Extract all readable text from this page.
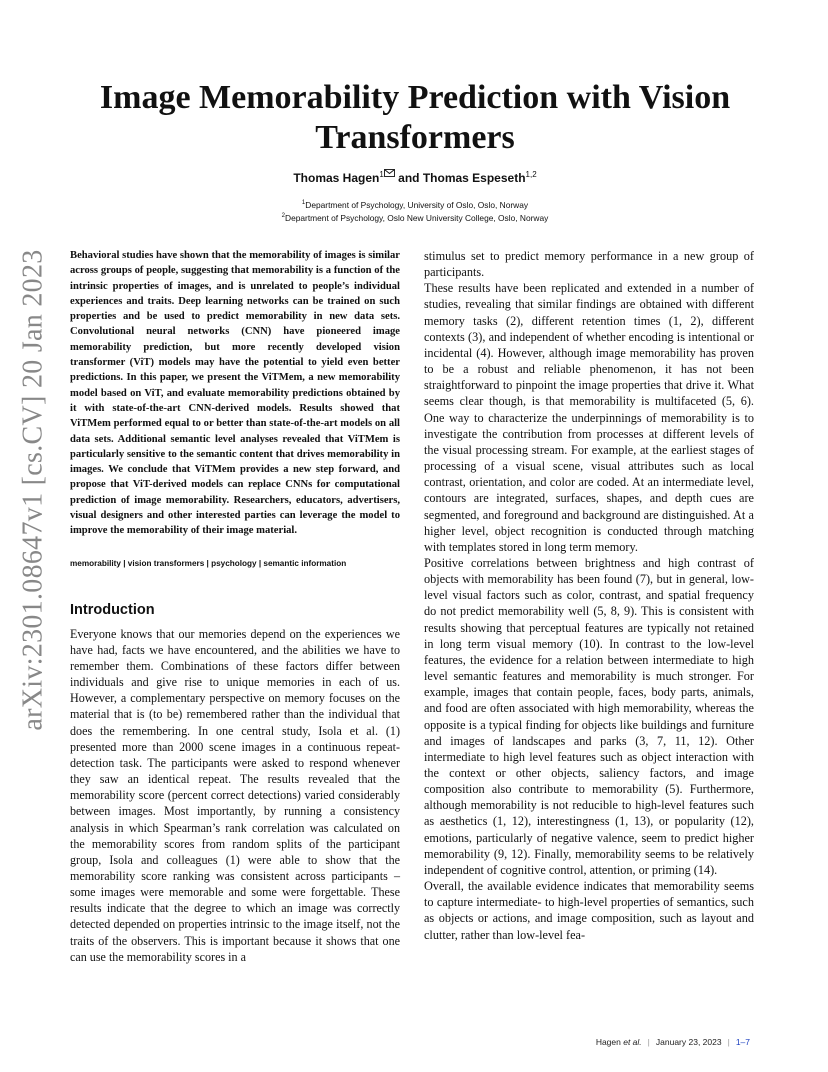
arXiv:2301.08647v1 [cs.CV] 20 Jan 2023
Image Memorability Prediction with Vision Transformers
Thomas Hagen$^1$ and Thomas Espeseth$^{1,2}$
$^1$Department of Psychology, University of Oslo, Oslo, Norway
$^2$Department of Psychology, Oslo New University College, Oslo, Norway

Behavioral studies have shown that the memorability of images is similar across groups of people, suggesting that memorability is a function of the intrinsic properties of images, and is unrelated to people’s individual experiences and traits. Deep learning networks can be trained on such properties and be used to predict memorability in new data sets. Convolutional neural networks (CNN) have pioneered image memorability prediction, but more recently developed vision transformer (ViT) models may have the potential to yield even better predictions. In this paper, we present the ViTMem, a new memorability model based on ViT, and evaluate memorability predictions obtained by it with state-of-the-art CNN-derived models. Results showed that ViTMem performed equal to or better than state-of-the-art models on all data sets. Additional semantic level analyses revealed that ViTMem is particularly sensitive to the semantic content that drives memorability in images. We conclude that ViTMem provides a new step forward, and propose that ViT-derived models can replace CNNs for computational prediction of image memorability. Researchers, educators, advertisers, visual designers and other interested parties can leverage the model to improve the memorability of their image material.

memorability | vision transformers | psychology | semantic information

Introduction

Everyone knows that our memories depend on the experiences we have had, facts we have encountered, and the abilities we have to remember them. Combinations of these factors differ between individuals and give rise to unique memories in each of us. However, a complementary perspective on memory focuses on the material that is (to be) remembered rather than the individual that does the remembering. In one central study, Isola et al. (1) presented more than 2000 scene images in a continuous repeat-detection task. The participants were asked to respond whenever they saw an identical repeat. The results revealed that the memorability score (percent correct detections) varied considerably between images. Most importantly, by running a consistency analysis in which Spearman’s rank correlation was calculated on the memorability scores from random splits of the participant group, Isola and colleagues (1) were able to show that the memorability score ranking was consistent across participants – some images were memorable and some were forgettable. These results indicate that the degree to which an image was correctly detected depended on properties intrinsic to the image itself, not the traits of the observers. This is important because it shows that one can use the memorability scores in a

stimulus set to predict memory performance in a new group of participants.

These results have been replicated and extended in a number of studies, revealing that similar findings are obtained with different memory tasks (2), different retention times (1, 2), different contexts (3), and independent of whether encoding is intentional or incidental (4). However, although image memorability has proven to be a robust and reliable phenomenon, it has not been straightforward to pinpoint the image properties that drive it. What seems clear though, is that memorability is multifaceted (5, 6). One way to characterize the underpinnings of memorability is to investigate the contribution from processes at different levels of the visual processing stream. For example, at the earliest stages of processing of a visual scene, visual attributes such as local contrast, orientation, and color are coded. At an intermediate level, contours are integrated, surfaces, shapes, and depth cues are segmented, and foreground and background are distinguished. At a higher level, object recognition is conducted through matching with templates stored in long term memory.

Positive correlations between brightness and high contrast of objects with memorability has been found (7), but in general, low-level visual factors such as color, contrast, and spatial frequency do not predict memorability well (5, 8, 9). This is consistent with results showing that perceptual features are typically not retained in long term visual memory (10). In contrast to the low-level features, the evidence for a relation between intermediate to high level semantic features and memorability is much stronger. For example, images that contain people, faces, body parts, animals, and food are often associated with high memorability, whereas the opposite is a typical finding for objects like buildings and furniture and images of landscapes and parks (3, 7, 11, 12). Other intermediate to high level features such as object interaction with the context or other objects, saliency factors, and image composition also contribute to memorability (5). Furthermore, although memorability is not reducible to high-level features such as aesthetics (1, 12), interestingness (1, 13), or popularity (12), emotions, particularly of negative valence, seem to predict higher memorability (9, 12). Finally, memorability seems to be relatively independent of cognitive control, attention, or priming (14).

Overall, the available evidence indicates that memorability seems to capture intermediate- to high-level properties of semantics, such as objects or actions, and image composition, such as layout and clutter, rather than low-level fea-

Hagen et al. | January 23, 2023 | 1–7
